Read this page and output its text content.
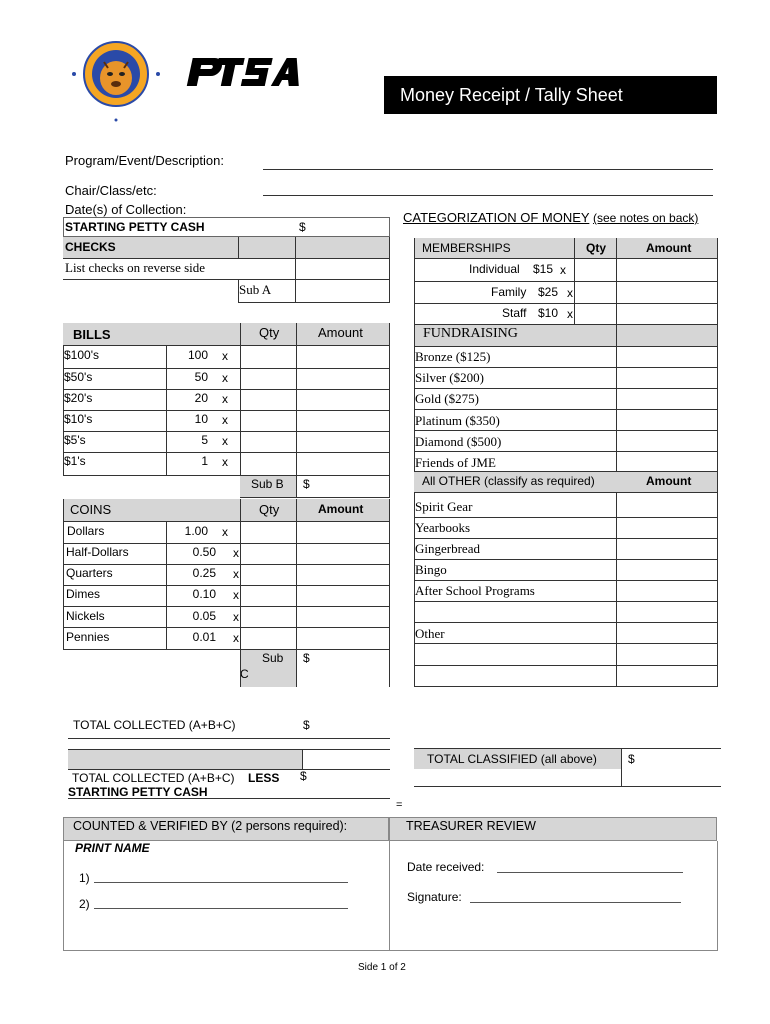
Money Receipt / Tally Sheet
Program/Event/Description:
Chair/Class/etc:
Date(s) of Collection:
STARTING PETTY CASH	$
CHECKS
List checks on reverse side
Sub A
BILLS	Qty	Amount
$100's	100 x
$50's	50 x
$20's	20 x
$10's	10 x
$5's	5 x
$1's	1 x
Sub B $
COINS	Qty	Amount
Dollars	1.00 x
Half-Dollars	0.50 x
Quarters	0.25 x
Dimes	0.10 x
Nickels	0.05 x
Pennies	0.01 x
Sub
C
$
TOTAL COLLECTED (A+B+C)	$
TOTAL COLLECTED (A+B+C) LESS
STARTING PETTY CASH
$
CATEGORIZATION OF MONEY (see notes on back)
MEMBERSHIPS	Qty	Amount
Individual $15 x
Family $25 x
Staff $10 x
FUNDRAISING
Bronze ($125)
Silver ($200)
Gold ($275)
Platinum ($350)
Diamond ($500)
Friends of JME
All OTHER (classify as required)	Amount
Spirit Gear
Yearbooks
Gingerbread
Bingo
After School Programs
Other
TOTAL CLASSIFIED (all above)	$
=
COUNTED & VERIFIED BY (2 persons required):
PRINT NAME
1)
2)
TREASURER REVIEW
Date received:
Signature:
Side 1 of 2
